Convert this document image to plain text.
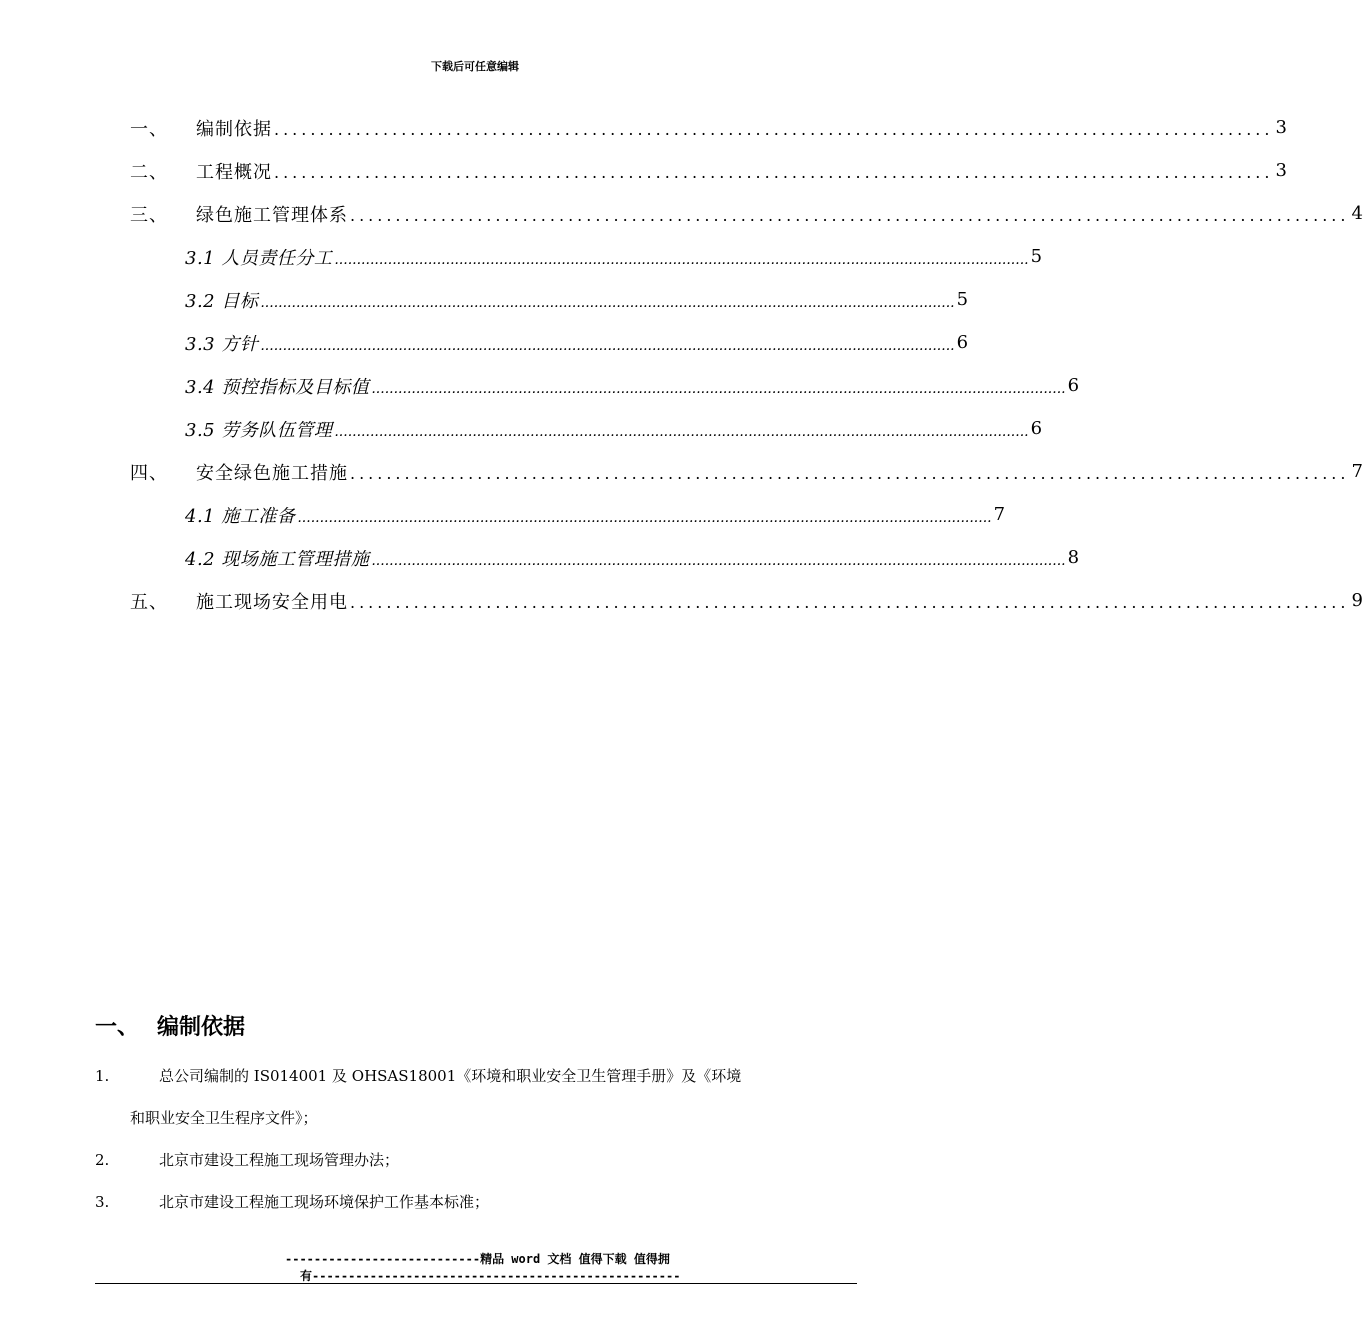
下载后可任意编辑
一、	编制依据 .............................................................................................................. 3
二、	工程概况 .............................................................................................................. 3
三、	绿色施工管理体系 .............................................................................................................. 4
3.1 人员责任分工 ............................................................................................................................................................ 5
3.2 目标 ............................................................................................................................................................ 5
3.3 方针 ............................................................................................................................................................ 6
3.4 预控指标及目标值 ............................................................................................................................................................ 6
3.5 劳务队伍管理 ............................................................................................................................................................ 6
四、	安全绿色施工措施 .............................................................................................................. 7
4.1 施工准备 ............................................................................................................................................................ 7
4.2 现场施工管理措施 ............................................................................................................................................................ 8
五、	施工现场安全用电 .............................................................................................................. 9
一、 编制依据
1.	总公司编制的 IS014001 及 OHSAS18001《环境和职业安全卫生管理手册》及《环境
和职业安全卫生程序文件》；
2.	北京市建设工程施工现场管理办法；
3.	北京市建设工程施工现场环境保护工作基本标准；
---------------------------精品 word 文档 值得下载 值得拥
有---------------------------------------------------
